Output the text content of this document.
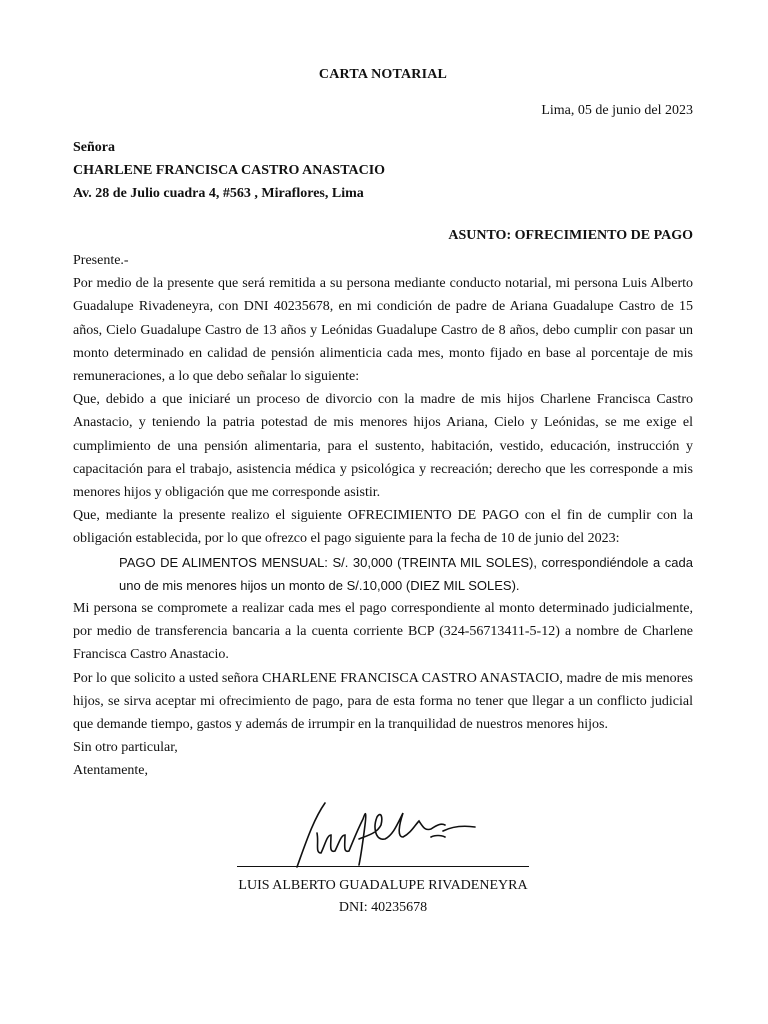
CARTA NOTARIAL
Lima, 05 de junio del 2023
Señora
CHARLENE FRANCISCA CASTRO ANASTACIO
Av. 28 de Julio cuadra 4, #563 , Miraflores, Lima
ASUNTO: OFRECIMIENTO DE PAGO

Presente.-

Por medio de la presente que será remitida a su persona mediante conducto notarial, mi persona Luis Alberto Guadalupe Rivadeneyra, con DNI 40235678, en mi condición de padre de Ariana Guadalupe Castro de 15 años, Cielo Guadalupe Castro de 13 años y Leónidas Guadalupe Castro de 8 años, debo cumplir con pasar un monto determinado en calidad de pensión alimenticia cada mes, monto fijado en base al porcentaje de mis remuneraciones, a lo que debo señalar lo siguiente:

Que, debido a que iniciaré un proceso de divorcio con la madre de mis hijos Charlene Francisca Castro Anastacio, y teniendo la patria potestad de mis menores hijos Ariana, Cielo y Leónidas, se me exige el cumplimiento de una pensión alimentaria, para el sustento, habitación, vestido, educación, instrucción y capacitación para el trabajo, asistencia médica y psicológica y recreación; derecho que les corresponde a mis menores hijos y obligación que me corresponde asistir.

Que, mediante la presente realizo el siguiente OFRECIMIENTO DE PAGO con el fin de cumplir con la obligación establecida, por lo que ofrezco el pago siguiente para la fecha de 10 de junio del 2023:

PAGO DE ALIMENTOS MENSUAL: S/. 30,000 (TREINTA MIL SOLES), correspondiéndole a cada uno de mis menores hijos un monto de S/.10,000 (DIEZ MIL SOLES).

Mi persona se compromete a realizar cada mes el pago correspondiente al monto determinado judicialmente, por medio de transferencia bancaria a la cuenta corriente BCP (324-56713411-5-12) a nombre de Charlene Francisca Castro Anastacio.

Por lo que solicito a usted señora CHARLENE FRANCISCA CASTRO ANASTACIO, madre de mis menores hijos, se sirva aceptar mi ofrecimiento de pago, para de esta forma no tener que llegar a un conflicto judicial que demande tiempo, gastos y además de irrumpir en la tranquilidad de nuestros menores hijos.

Sin otro particular,

Atentamente,

LUIS ALBERTO GUADALUPE RIVADENEYRA
DNI: 40235678
